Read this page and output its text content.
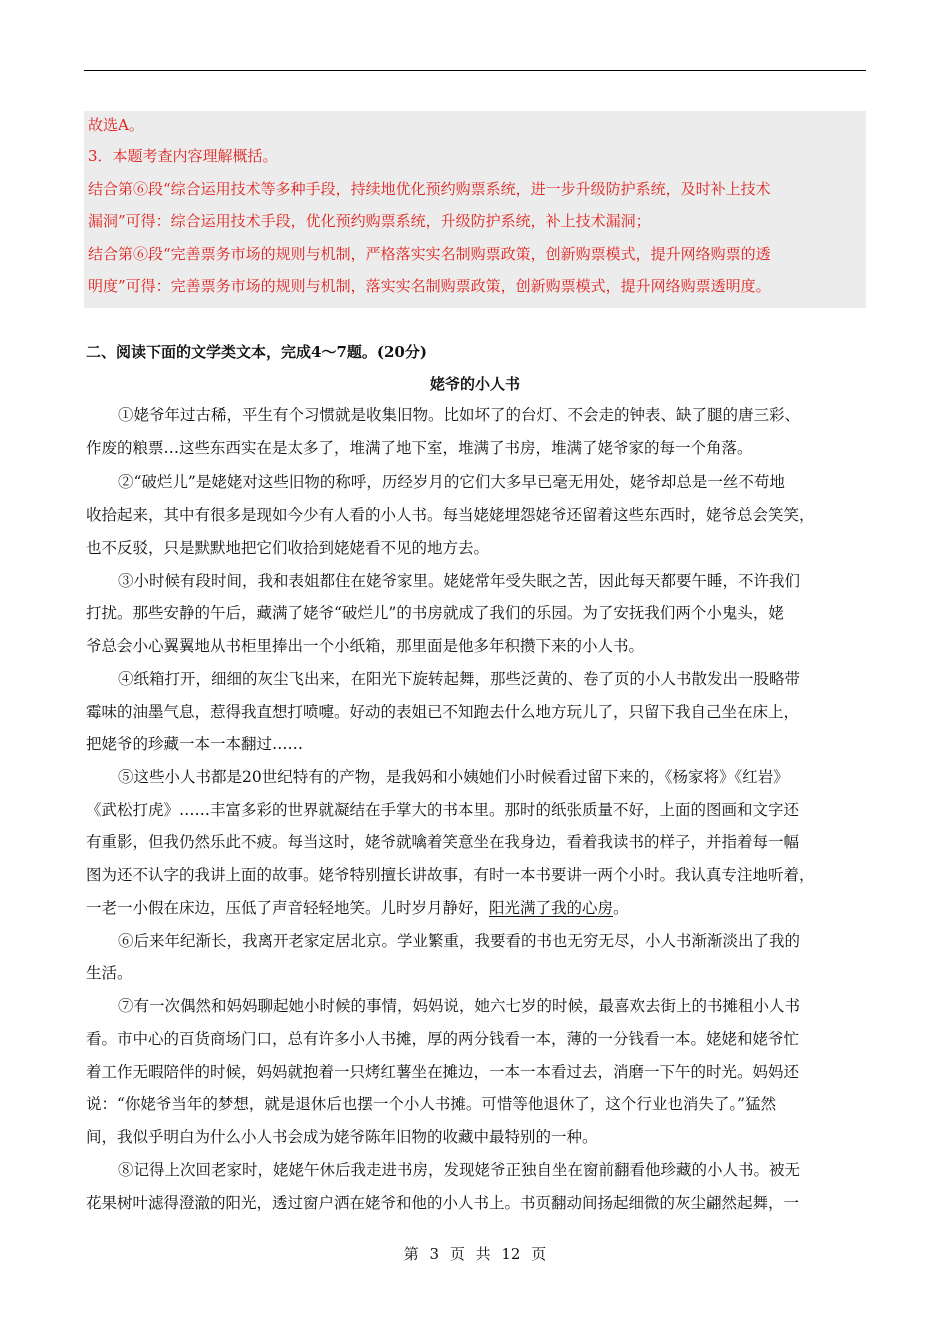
故选A。
3．本题考查内容理解概括。
结合第⑥段“综合运用技术等多种手段，持续地优化预约购票系统，进一步升级防护系统，及时补上技术
漏洞”可得：综合运用技术手段，优化预约购票系统，升级防护系统，补上技术漏洞；
结合第⑥段“完善票务市场的规则与机制，严格落实实名制购票政策，创新购票模式，提升网络购票的透
明度”可得：完善票务市场的规则与机制，落实实名制购票政策，创新购票模式，提升网络购票透明度。
二、阅读下面的文学类文本，完成4～7题。(20分)
姥爷的小人书
①姥爷年过古稀，平生有个习惯就是收集旧物。比如坏了的台灯、不会走的钟表、缺了腿的唐三彩、
作废的粮票…这些东西实在是太多了，堆满了地下室，堆满了书房，堆满了姥爷家的每一个角落。
②“破烂儿”是姥姥对这些旧物的称呼，历经岁月的它们大多早已毫无用处，姥爷却总是一丝不苟地
收拾起来，其中有很多是现如今少有人看的小人书。每当姥姥埋怨姥爷还留着这些东西时，姥爷总会笑笑，
也不反驳，只是默默地把它们收拾到姥姥看不见的地方去。
③小时候有段时间，我和表姐都住在姥爷家里。姥姥常年受失眠之苦，因此每天都要午睡，不许我们
打扰。那些安静的午后，藏满了姥爷“破烂儿”的书房就成了我们的乐园。为了安抚我们两个小鬼头，姥
爷总会小心翼翼地从书柜里捧出一个小纸箱，那里面是他多年积攒下来的小人书。
④纸箱打开，细细的灰尘飞出来，在阳光下旋转起舞，那些泛黄的、卷了页的小人书散发出一股略带
霉味的油墨气息，惹得我直想打喷嚏。好动的表姐已不知跑去什么地方玩儿了，只留下我自己坐在床上，
把姥爷的珍藏一本一本翻过……
⑤这些小人书都是20世纪特有的产物，是我妈和小姨她们小时候看过留下来的，《杨家将》《红岩》
《武松打虎》……丰富多彩的世界就凝结在手掌大的书本里。那时的纸张质量不好，上面的图画和文字还
有重影，但我仍然乐此不疲。每当这时，姥爷就噙着笑意坐在我身边，看着我读书的样子，并指着每一幅
图为还不认字的我讲上面的故事。姥爷特别擅长讲故事，有时一本书要讲一两个小时。我认真专注地听着，
一老一小假在床边，压低了声音轻轻地笑。儿时岁月静好，阳光满了我的心房。
⑥后来年纪渐长，我离开老家定居北京。学业繁重，我要看的书也无穷无尽，小人书渐渐淡出了我的
生活。
⑦有一次偶然和妈妈聊起她小时候的事情，妈妈说，她六七岁的时候，最喜欢去街上的书摊租小人书
看。市中心的百货商场门口，总有许多小人书摊，厚的两分钱看一本，薄的一分钱看一本。姥姥和姥爷忙
着工作无暇陪伴的时候，妈妈就抱着一只烤红薯坐在摊边，一本一本看过去，消磨一下午的时光。妈妈还
说：“你姥爷当年的梦想，就是退休后也摆一个小人书摊。可惜等他退休了，这个行业也消失了。”猛然
间，我似乎明白为什么小人书会成为姥爷陈年旧物的收藏中最特别的一种。
⑧记得上次回老家时，姥姥午休后我走进书房，发现姥爷正独自坐在窗前翻看他珍藏的小人书。被无
花果树叶滤得澄澈的阳光，透过窗户洒在姥爷和他的小人书上。书页翻动间扬起细微的灰尘翩然起舞，一
第 3 页 共 12 页
